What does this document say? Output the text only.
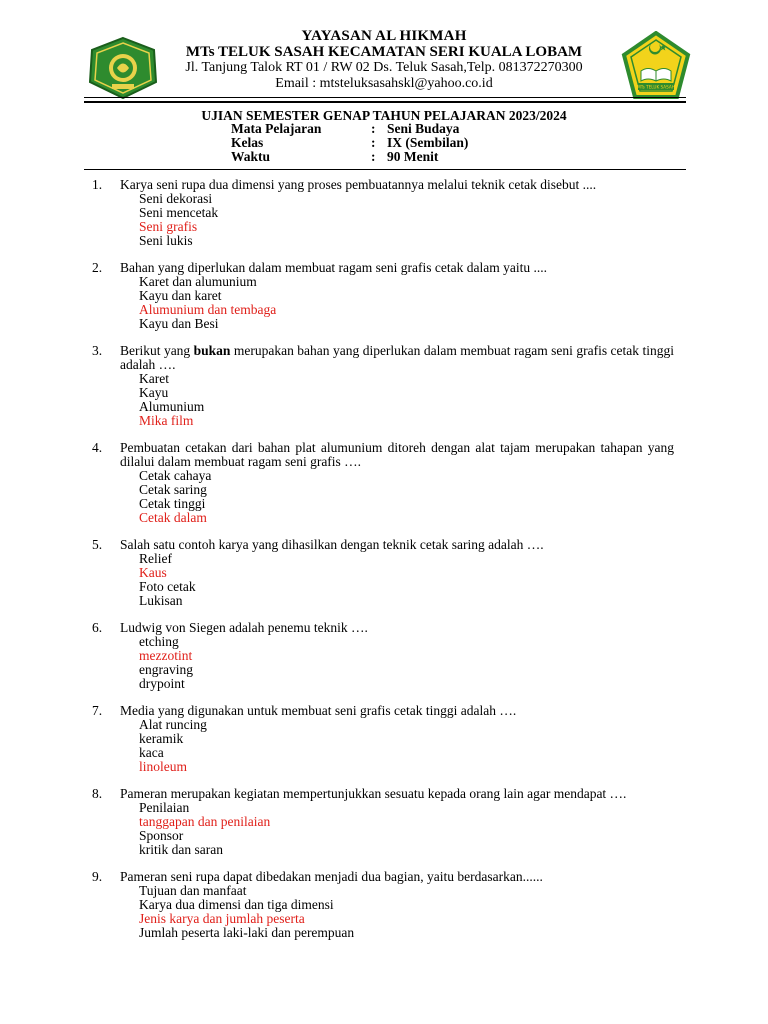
MTs TELUK SASAH
YAYASAN AL HIKMAH
MTs TELUK SASAH KECAMATAN SERI KUALA LOBAM
Jl. Tanjung Talok RT 01 / RW 02 Ds. Teluk Sasah,Telp. 081372270300
Email : mtsteluksasahskl@yahoo.co.id
UJIAN SEMESTER GENAP TAHUN PELAJARAN 2023/2024
Mata Pelajaran	: Seni Budaya
Kelas	: IX (Sembilan)
Waktu	: 90 Menit
1. Karya seni rupa dua dimensi yang proses pembuatannya melalui teknik cetak disebut ....
Seni dekorasi
Seni mencetak
Seni grafis
Seni lukis
2. Bahan yang diperlukan dalam membuat ragam seni grafis cetak dalam yaitu ....
Karet dan alumunium
Kayu dan karet
Alumunium dan tembaga
Kayu dan Besi
3. Berikut yang bukan merupakan bahan yang diperlukan dalam membuat ragam seni grafis cetak tinggi adalah ….
Karet
Kayu
Alumunium
Mika film
4. Pembuatan cetakan dari bahan plat alumunium ditoreh dengan alat tajam merupakan tahapan yang dilalui dalam membuat ragam seni grafis ….
Cetak cahaya
Cetak saring
Cetak tinggi
Cetak dalam
5. Salah satu contoh karya yang dihasilkan dengan teknik cetak saring adalah ….
Relief
Kaus
Foto cetak
Lukisan
6. Ludwig von Siegen adalah penemu teknik ….
etching
mezzotint
engraving
drypoint
7. Media yang digunakan untuk membuat seni grafis cetak tinggi adalah ….
Alat runcing
keramik
kaca
linoleum
8. Pameran merupakan kegiatan mempertunjukkan sesuatu kepada orang lain agar mendapat ….
Penilaian
tanggapan dan penilaian
Sponsor
kritik dan saran
9. Pameran seni rupa dapat dibedakan menjadi dua bagian, yaitu berdasarkan......
Tujuan dan manfaat
Karya dua dimensi dan tiga dimensi
Jenis karya dan jumlah peserta
Jumlah peserta laki-laki dan perempuan
